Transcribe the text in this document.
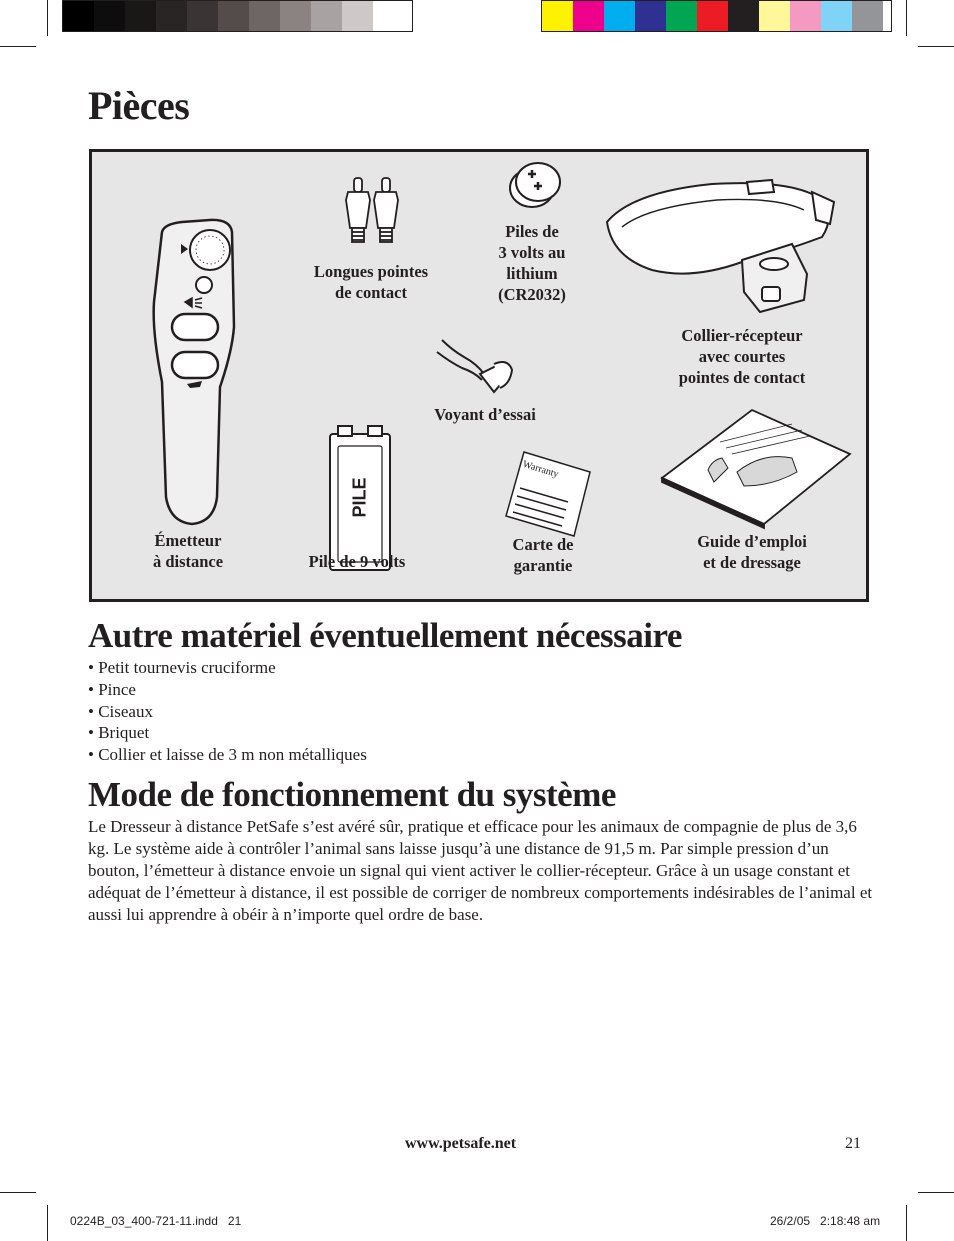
Pièces
PILE
Warranty
Émetteur
à distance
Longues pointes
de contact
Piles de
3 volts au
lithium
(CR2032)
Collier-récepteur
avec courtes
pointes de contact
Voyant d’essai
Pile de 9 volts
Carte de
garantie
Guide d’emploi
et de dressage
Autre matériel éventuellement nécessaire
• Petit tournevis cruciforme
• Pince
• Ciseaux
• Briquet
• Collier et laisse de 3 m non métalliques
Mode de fonctionnement du système

Le Dresseur à distance PetSafe s’est avéré sûr, pratique et efficace pour les animaux de compagnie de plus de 3,6 kg. Le système aide à contrôler l’animal sans laisse jusqu’à une distance de 91,5 m. Par simple pression d’un bouton, l’émetteur à distance envoie un signal qui vient activer le collier-récepteur. Grâce à un usage constant et adéquat de l’émetteur à distance, il est possible de corriger de nombreux comportements indésirables de l’animal et aussi lui apprendre à obéir à n’importe quel ordre de base.

www.petsafe.net	21
0224B_03_400-721-11.indd   21	26/2/05   2:18:48 am
